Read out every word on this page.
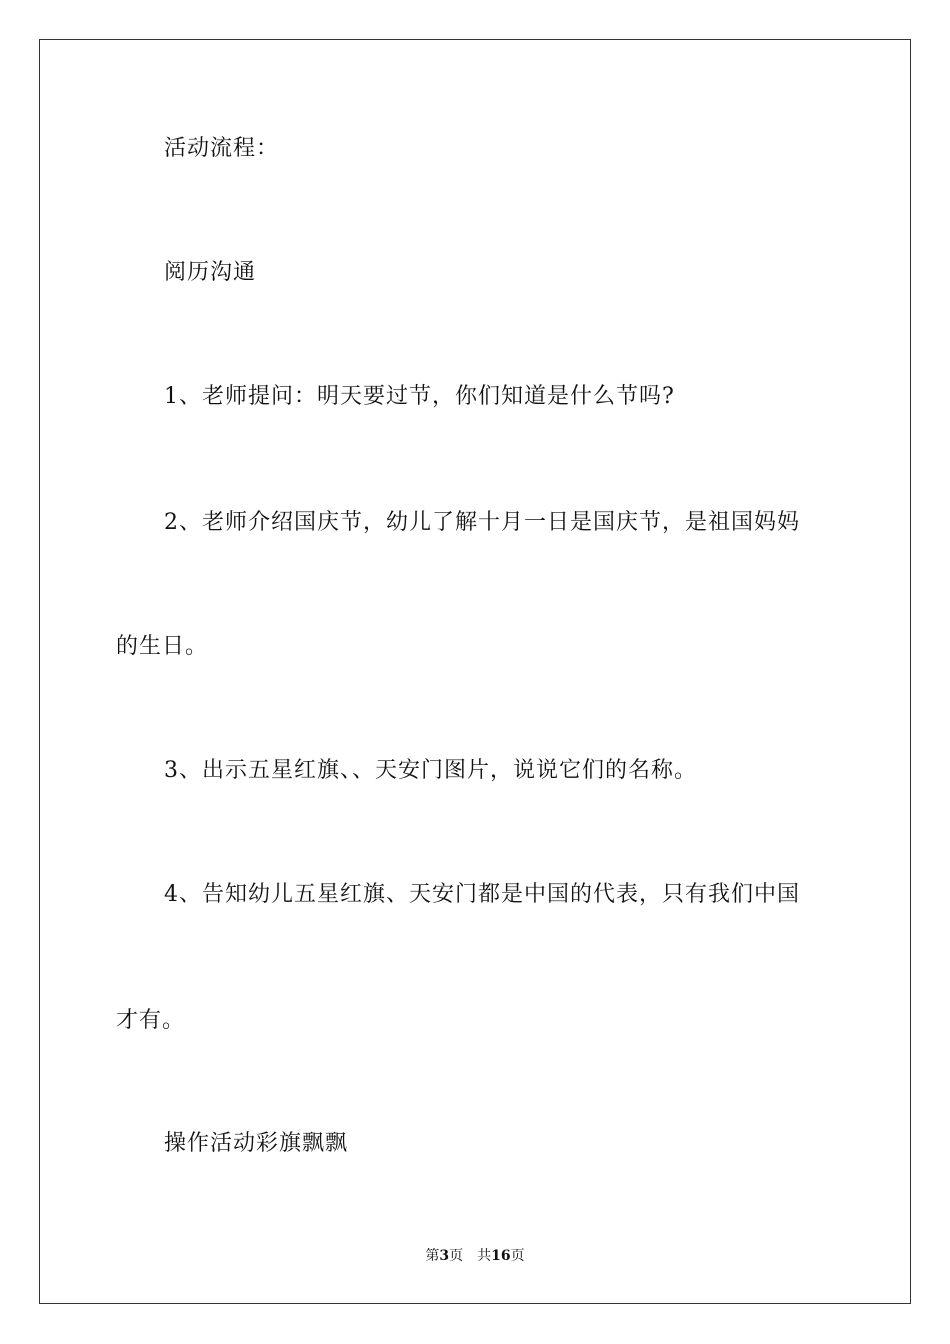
活动流程：
阅历沟通
1、老师提问：明天要过节，你们知道是什么节吗?
2、老师介绍国庆节，幼儿了解十月一日是国庆节，是祖国妈妈
的生日。
3、出示五星红旗、、天安门图片，说说它们的名称。
4、告知幼儿五星红旗、天安门都是中国的代表，只有我们中国
才有。
操作活动彩旗飘飘
第3页 共16页
